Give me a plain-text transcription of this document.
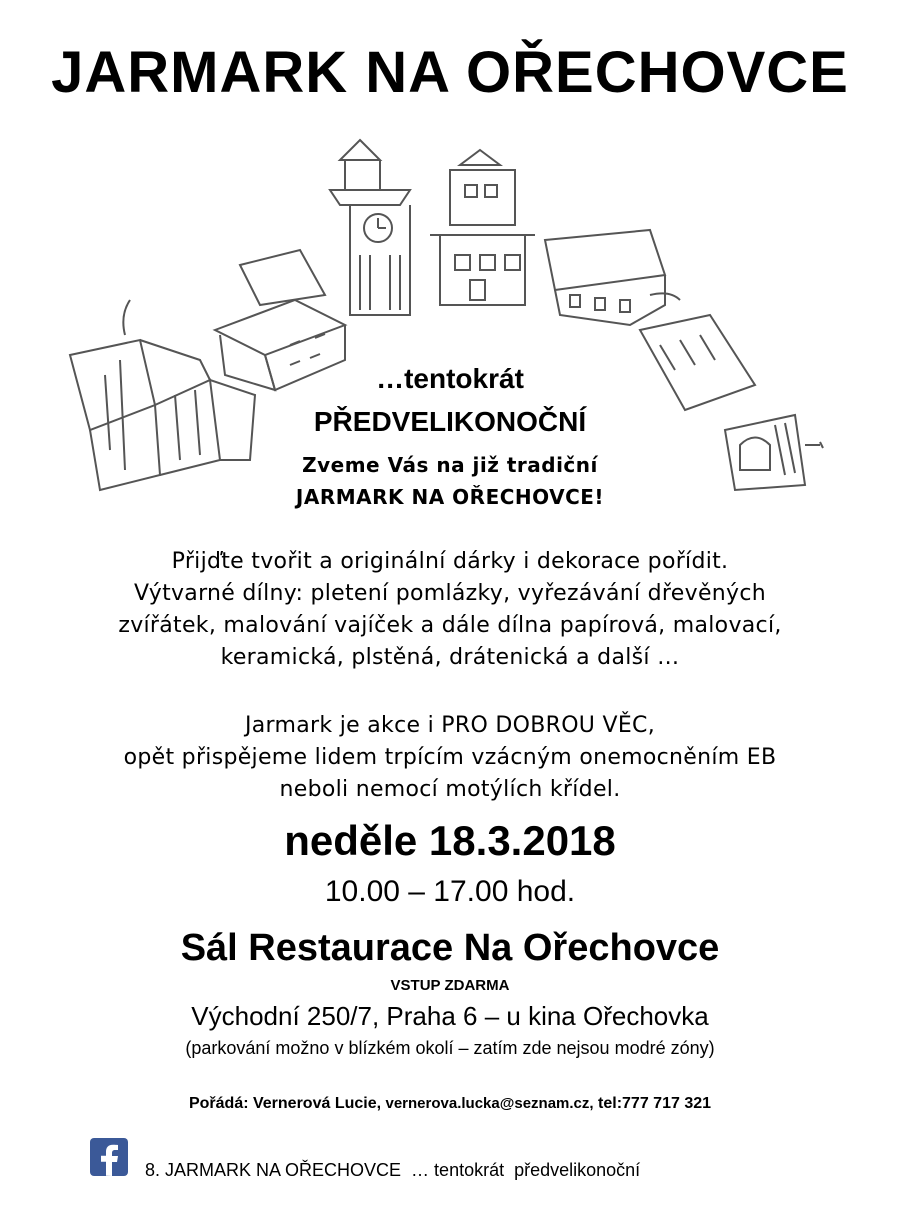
JARMARK NA OŘECHOVCE
…tentokrát
PŘEDVELIKONOČNÍ
Zveme Vás na již tradiční
JARMARK NA OŘECHOVCE!
Přijďte tvořit a originální dárky i dekorace pořídit.
Výtvarné dílny: pletení pomlázky, vyřezávání dřevěných
zvířátek, malování vajíček a dále dílna papírová, malovací,
keramická, plstěná, drátenická a další …
Jarmark je akce i PRO DOBROU VĚC,
opět přispějeme lidem trpícím vzácným onemocněním EB
neboli nemocí motýlích křídel.
neděle 18.3.2018
10.00 – 17.00 hod.
Sál Restaurace Na Ořechovce
VSTUP ZDARMA
Východní 250/7, Praha 6 – u kina Ořechovka
(parkování možno v blízkém okolí – zatím zde nejsou modré zóny)
Pořádá: Vernerová Lucie, vernerova.lucka@seznam.cz, tel:777 717 321
8. JARMARK NA OŘECHOVCE  … tentokrát  předvelikonoční
